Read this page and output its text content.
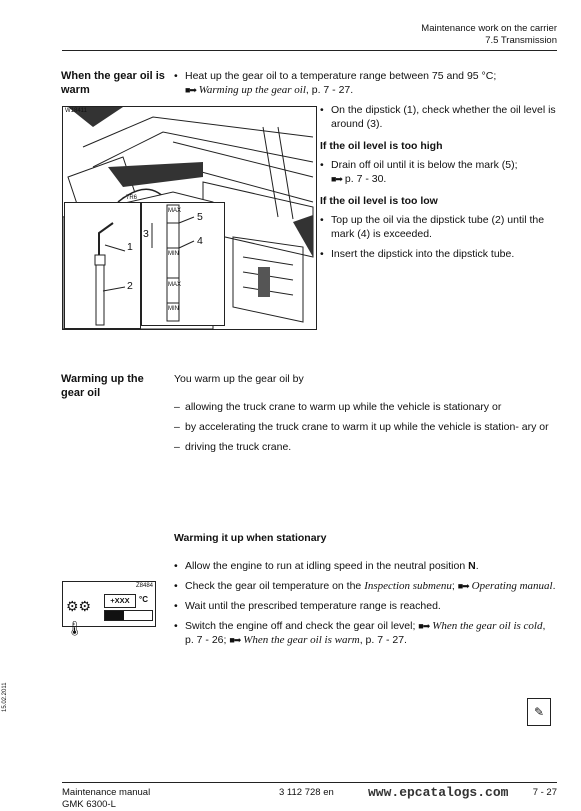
Maintenance work on the carrier
7.5 Transmission
When the gear oil is warm
• Heat up the gear oil to a temperature range between 75 and 95 °C;
■➡ Warming up the gear oil, p. 7 - 27.
W18411
7R6
1
2
3
5
4
MAX
MIN
MAX
MIN
• On the dipstick (1), check whether the oil level is around (3).
If the oil level is too high
• Drain off oil until it is below the mark (5);
■➡ p. 7 - 30.
If the oil level is too low
• Top up the oil via the dipstick tube (2) until the mark (4) is exceeded.
• Insert the dipstick into the dipstick tube.
Warming up the gear oil
You warm up the gear oil by
– allowing the truck crane to warm up while the vehicle is stationary or
– by accelerating the truck crane to warm it up while the vehicle is station- ary or
– driving the truck crane.
Warming it up when stationary
• Allow the engine to run at idling speed in the neutral position N.
• Check the gear oil temperature on the Inspection submenu; ■➡ Operating manual.
• Wait until the prescribed temperature range is reached.
• Switch the engine off and check the gear oil level; ■➡ When the gear oil is cold, p. 7 - 26; ■➡ When the gear oil is warm, p. 7 - 27.
Z8484
⚙⚙🌡
+XXX	°C
✎
15.02.2011
Maintenance manual
GMK 6300-L
3 112 728 en	www.epcatalogs.com	7 - 27
